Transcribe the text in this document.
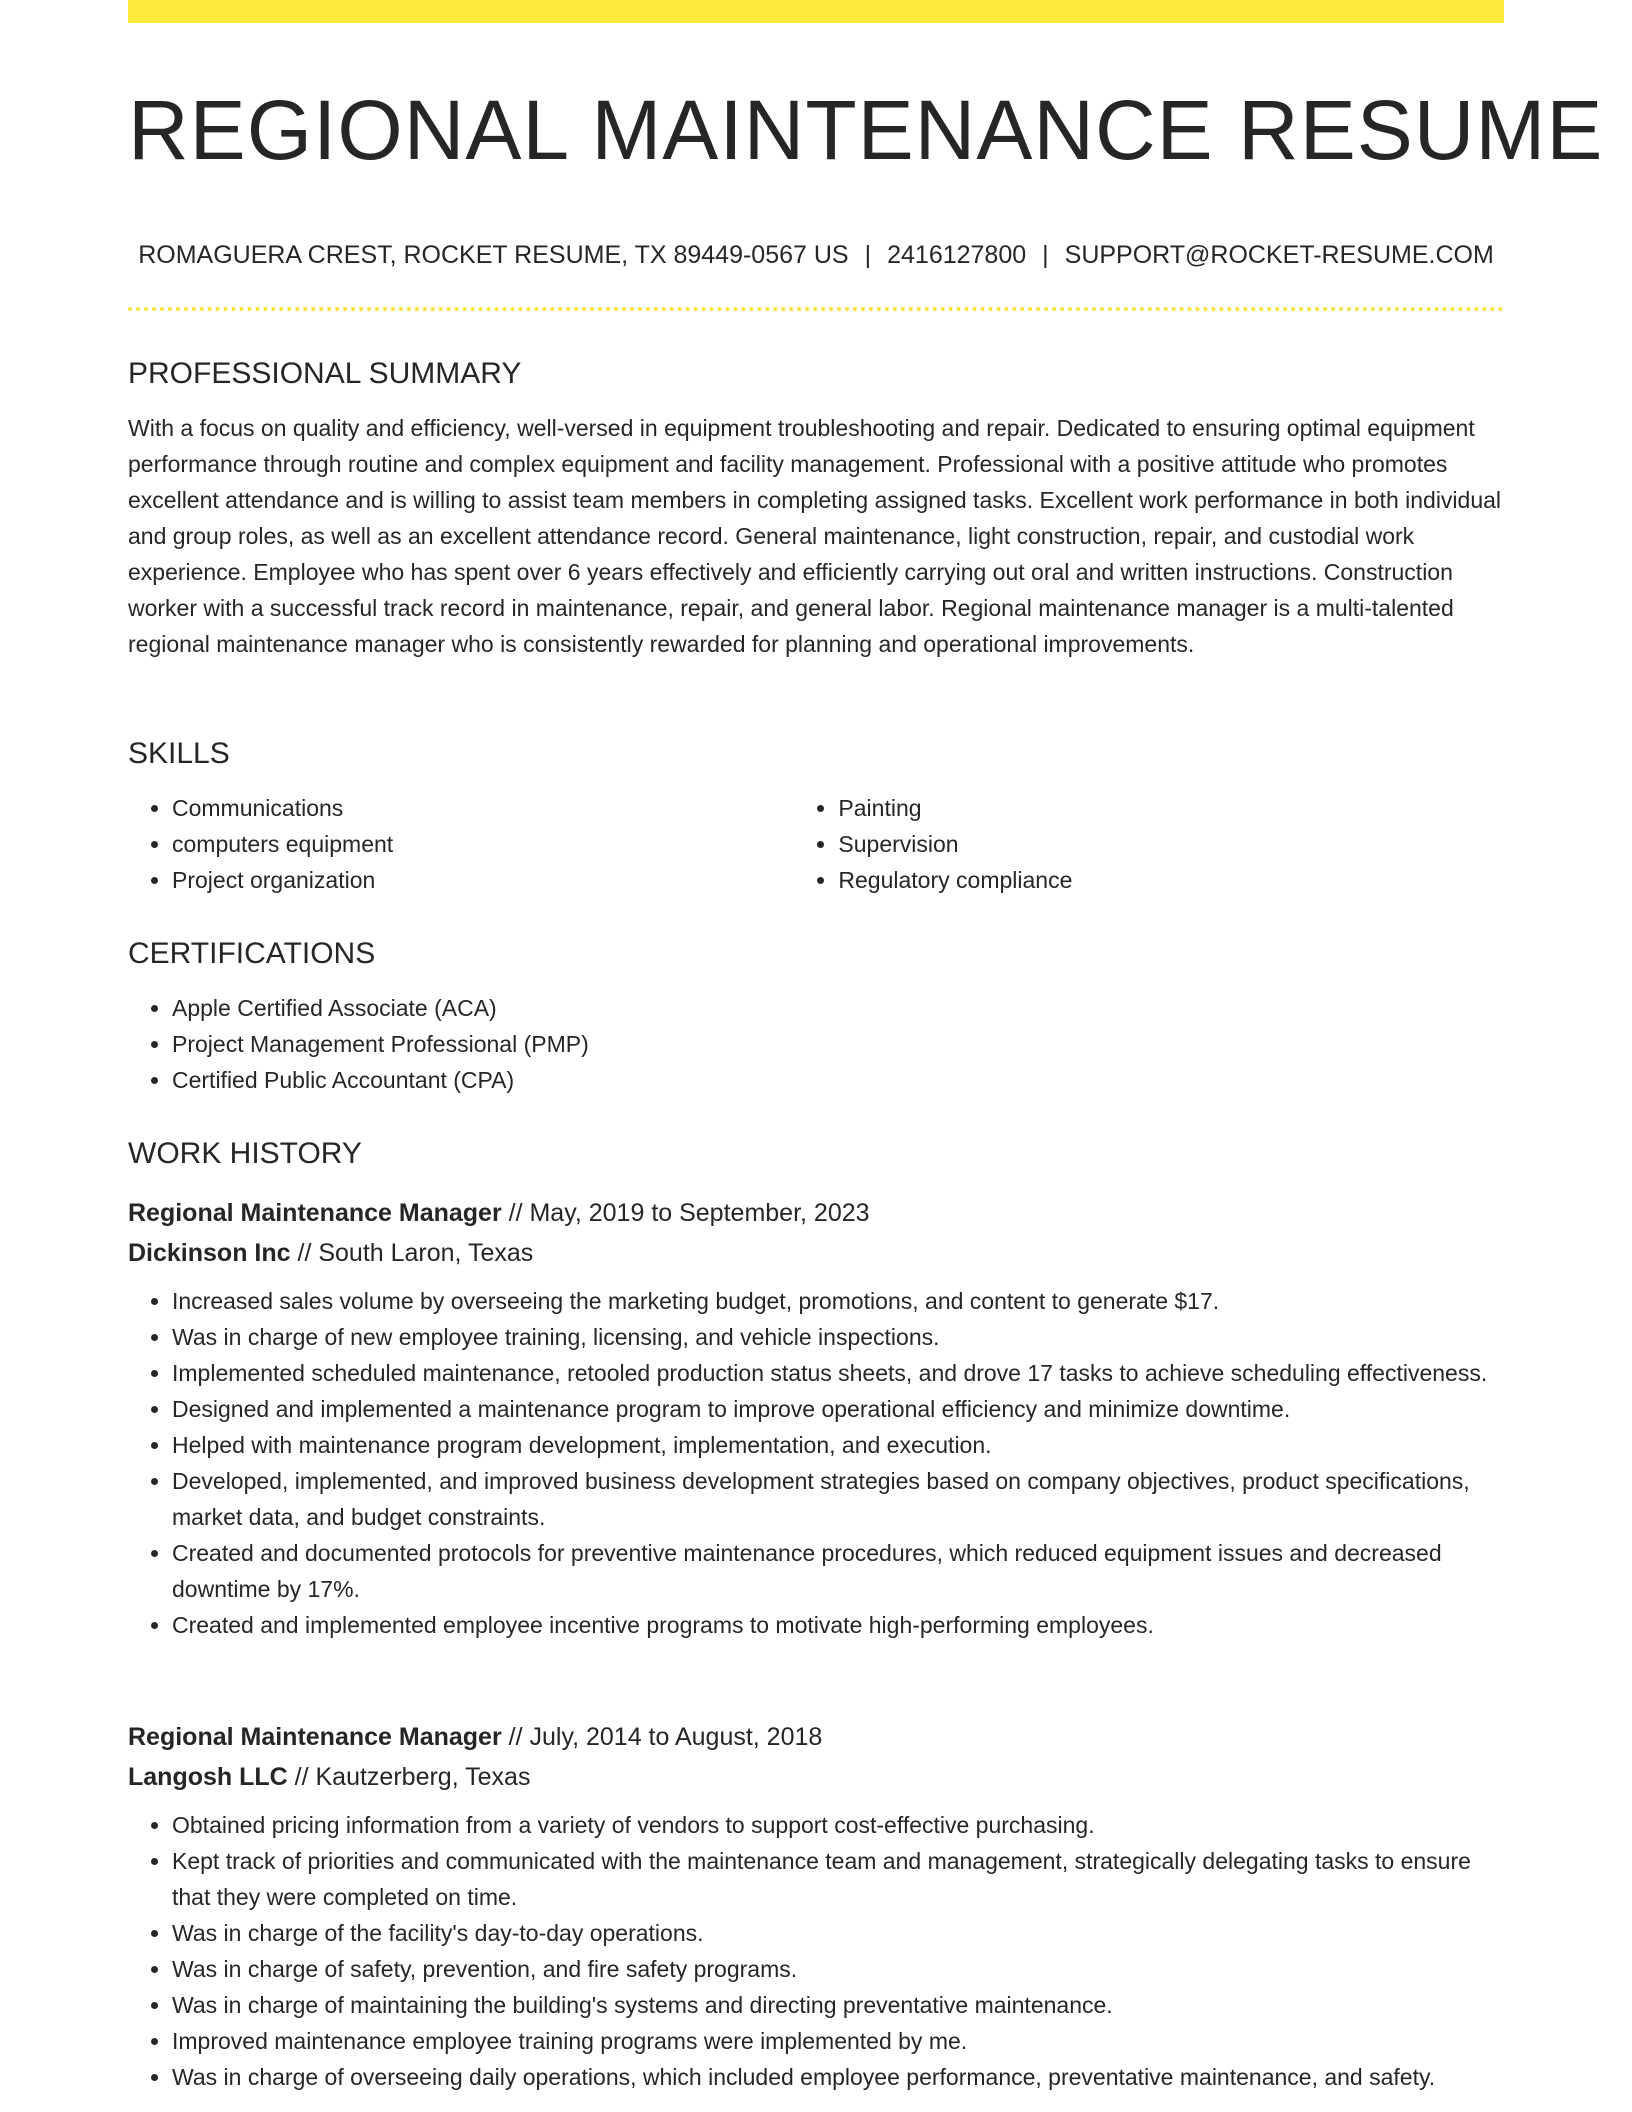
REGIONAL MAINTENANCE RESUME
ROMAGUERA CREST, ROCKET RESUME, TX 89449-0567 US | 2416127800 | SUPPORT@ROCKET-RESUME.COM
PROFESSIONAL SUMMARY

With a focus on quality and efficiency, well-versed in equipment troubleshooting and repair. Dedicated to ensuring optimal equipment performance through routine and complex equipment and facility management. Professional with a positive attitude who promotes excellent attendance and is willing to assist team members in completing assigned tasks. Excellent work performance in both individual and group roles, as well as an excellent attendance record. General maintenance, light construction, repair, and custodial work experience. Employee who has spent over 6 years effectively and efficiently carrying out oral and written instructions. Construction worker with a successful track record in maintenance, repair, and general labor. Regional maintenance manager is a multi-talented regional maintenance manager who is consistently rewarded for planning and operational improvements.

SKILLS
• Communications
• computers equipment
• Project organization
• Painting
• Supervision
• Regulatory compliance
CERTIFICATIONS
• Apple Certified Associate (ACA)
• Project Management Professional (PMP)
• Certified Public Accountant (CPA)
WORK HISTORY
Regional Maintenance Manager // May, 2019 to September, 2023
Dickinson Inc // South Laron, Texas
• Increased sales volume by overseeing the marketing budget, promotions, and content to generate $17.
• Was in charge of new employee training, licensing, and vehicle inspections.
• Implemented scheduled maintenance, retooled production status sheets, and drove 17 tasks to achieve scheduling effectiveness.
• Designed and implemented a maintenance program to improve operational efficiency and minimize downtime.
• Helped with maintenance program development, implementation, and execution.
• Developed, implemented, and improved business development strategies based on company objectives, product specifications, market data, and budget constraints.
• Created and documented protocols for preventive maintenance procedures, which reduced equipment issues and decreased downtime by 17%.
• Created and implemented employee incentive programs to motivate high-performing employees.
Regional Maintenance Manager // July, 2014 to August, 2018
Langosh LLC // Kautzerberg, Texas
• Obtained pricing information from a variety of vendors to support cost-effective purchasing.
• Kept track of priorities and communicated with the maintenance team and management, strategically delegating tasks to ensure that they were completed on time.
• Was in charge of the facility's day-to-day operations.
• Was in charge of safety, prevention, and fire safety programs.
• Was in charge of maintaining the building's systems and directing preventative maintenance.
• Improved maintenance employee training programs were implemented by me.
• Was in charge of overseeing daily operations, which included employee performance, preventative maintenance, and safety.
